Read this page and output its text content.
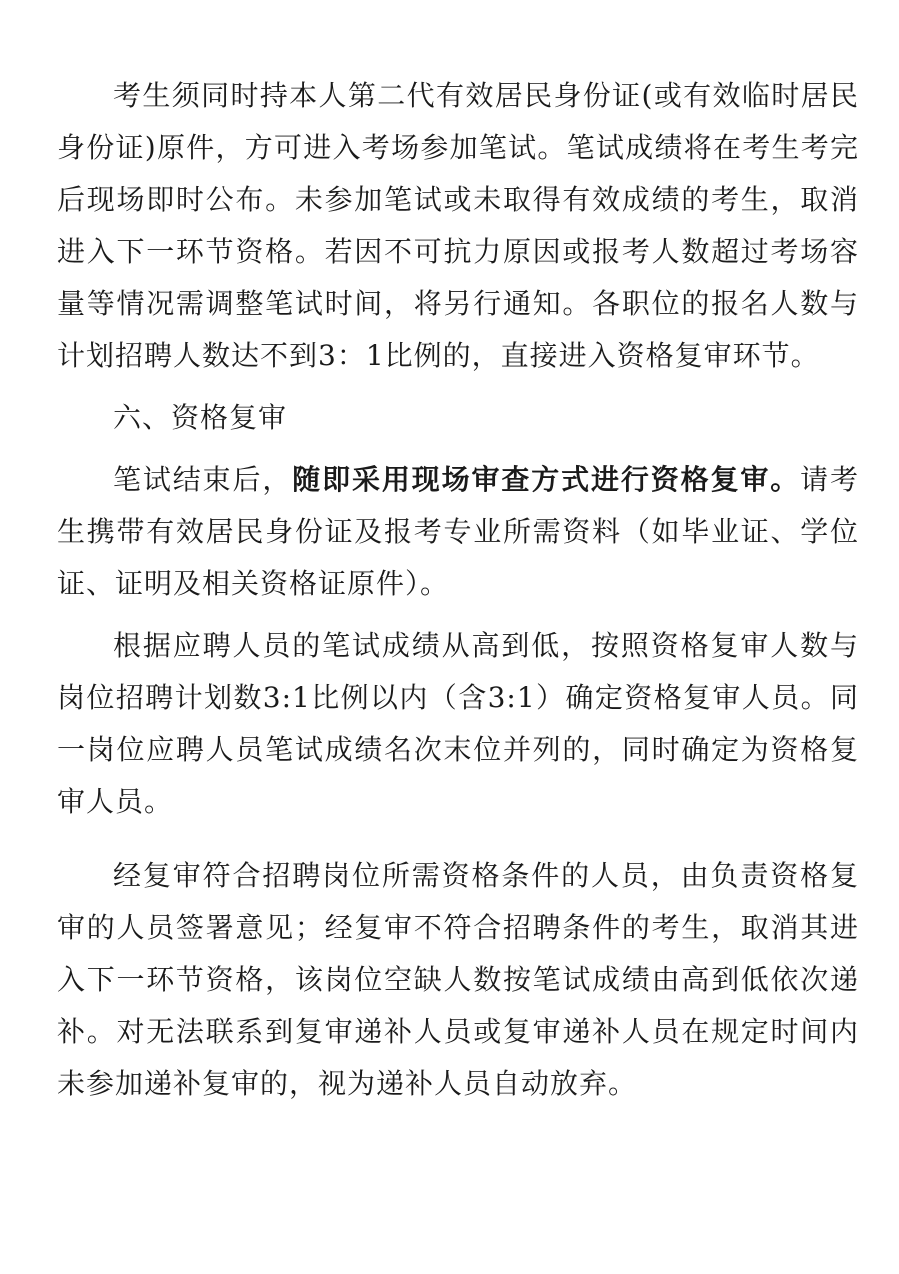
考生须同时持本人第二代有效居民身份证(或有效临时居民身份证)原件，方可进入考场参加笔试。笔试成绩将在考生考完后现场即时公布。未参加笔试或未取得有效成绩的考生，取消进入下一环节资格。若因不可抗力原因或报考人数超过考场容量等情况需调整笔试时间，将另行通知。各职位的报名人数与计划招聘人数达不到3：1比例的，直接进入资格复审环节。

六、资格复审

笔试结束后，随即采用现场审查方式进行资格复审。请考生携带有效居民身份证及报考专业所需资料（如毕业证、学位证、证明及相关资格证原件）。

根据应聘人员的笔试成绩从高到低，按照资格复审人数与岗位招聘计划数3:1比例以内（含3:1）确定资格复审人员。同一岗位应聘人员笔试成绩名次末位并列的，同时确定为资格复审人员。

经复审符合招聘岗位所需资格条件的人员，由负责资格复审的人员签署意见；经复审不符合招聘条件的考生，取消其进入下一环节资格，该岗位空缺人数按笔试成绩由高到低依次递补。对无法联系到复审递补人员或复审递补人员在规定时间内未参加递补复审的，视为递补人员自动放弃。
